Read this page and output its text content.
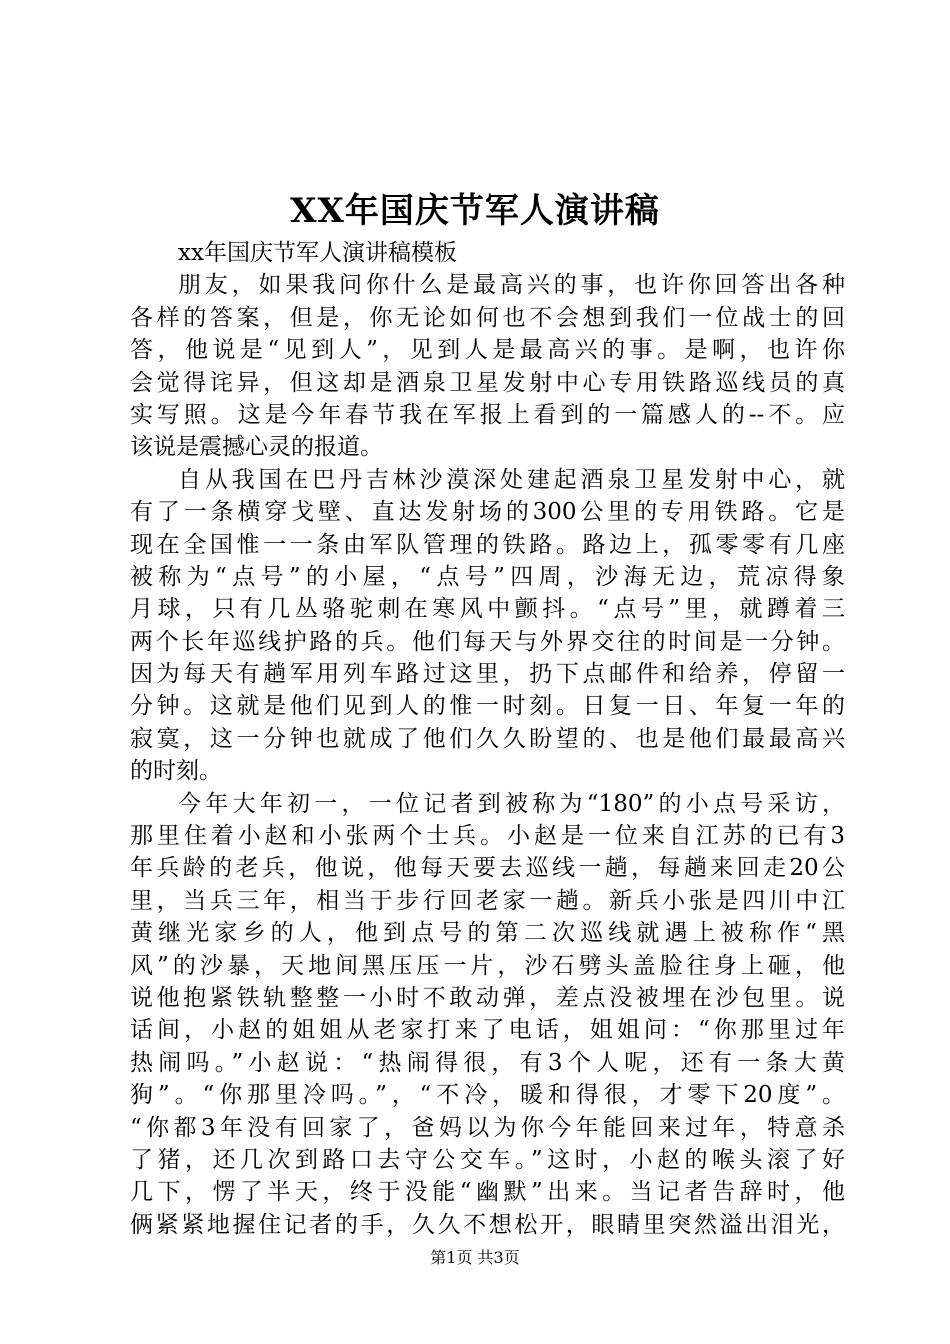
XX年国庆节军人演讲稿
xx年国庆节军人演讲稿模板
朋友，如果我问你什么是最高兴的事，也许你回答出各种
各样的答案，但是，你无论如何也不会想到我们一位战士的回
答，他说是“见到人”，见到人是最高兴的事。是啊，也许你
会觉得诧异，但这却是酒泉卫星发射中心专用铁路巡线员的真
实写照。这是今年春节我在军报上看到的一篇感人的--不。应
该说是震撼心灵的报道。
自从我国在巴丹吉林沙漠深处建起酒泉卫星发射中心，就
有了一条横穿戈壁、直达发射场的300公里的专用铁路。它是
现在全国惟一一条由军队管理的铁路。路边上，孤零零有几座
被称为“点号”的小屋，“点号”四周，沙海无边，荒凉得象
月球，只有几丛骆驼刺在寒风中颤抖。“点号”里，就蹲着三
两个长年巡线护路的兵。他们每天与外界交往的时间是一分钟。
因为每天有趟军用列车路过这里，扔下点邮件和给养，停留一
分钟。这就是他们见到人的惟一时刻。日复一日、年复一年的
寂寞，这一分钟也就成了他们久久盼望的、也是他们最最高兴
的时刻。
今年大年初一，一位记者到被称为“180”的小点号采访，
那里住着小赵和小张两个士兵。小赵是一位来自江苏的已有3
年兵龄的老兵，他说，他每天要去巡线一趟，每趟来回走20公
里，当兵三年，相当于步行回老家一趟。新兵小张是四川中江
黄继光家乡的人，他到点号的第二次巡线就遇上被称作“黑
风”的沙暴，天地间黑压压一片，沙石劈头盖脸往身上砸，他
说他抱紧铁轨整整一小时不敢动弹，差点没被埋在沙包里。说
话间，小赵的姐姐从老家打来了电话，姐姐问：“你那里过年
热闹吗。”小赵说：“热闹得很，有3个人呢，还有一条大黄
狗”。“你那里冷吗。”，“不冷，暖和得很，才零下20度”。
“你都3年没有回家了，爸妈以为你今年能回来过年，特意杀
了猪，还几次到路口去守公交车。”这时，小赵的喉头滚了好
几下，愣了半天，终于没能“幽默”出来。当记者告辞时，他
俩紧紧地握住记者的手，久久不想松开，眼睛里突然溢出泪光，
第1页 共3页
